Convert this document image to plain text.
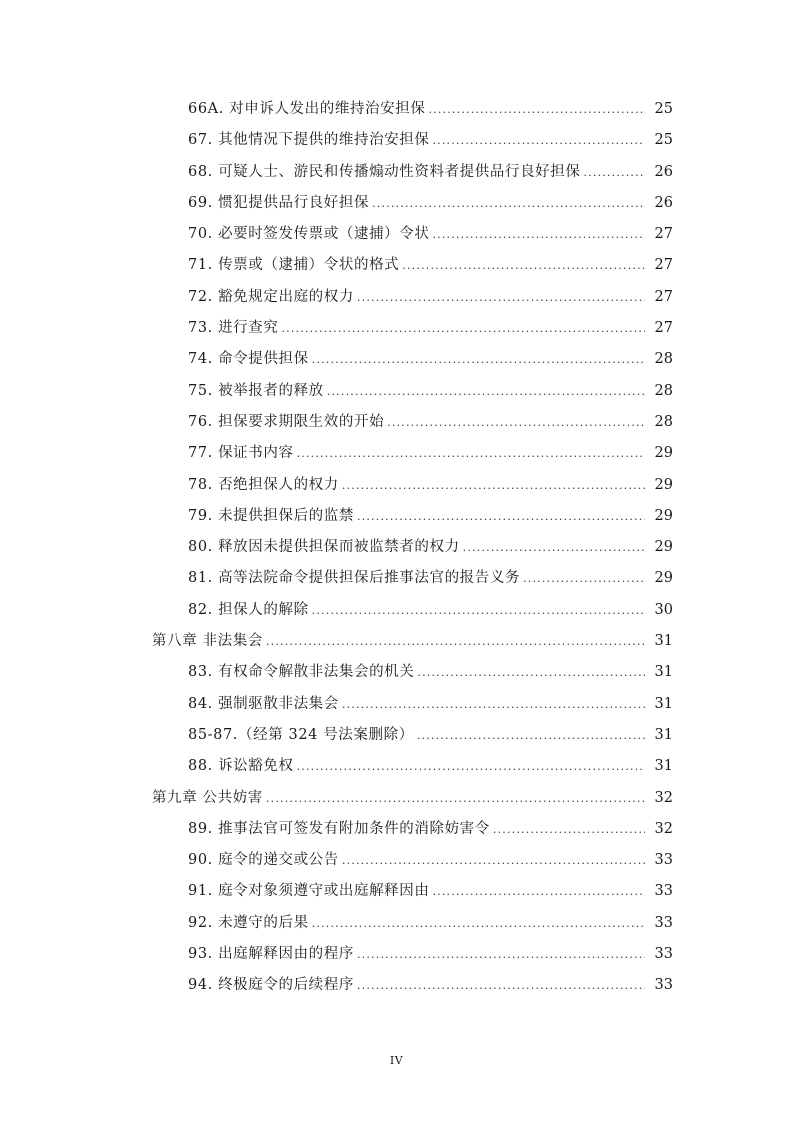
66A. 对申诉人发出的维持治安担保 .....	25
67. 其他情况下提供的维持治安担保 .....	25
68. 可疑人士、游民和传播煽动性资料者提供品行良好担保 .....	26
69. 惯犯提供品行良好担保 .....	26
70. 必要时签发传票或（逮捕）令状 .....	27
71. 传票或（逮捕）令状的格式 .....	27
72. 豁免规定出庭的权力 .....	27
73. 进行查究 .....	27
74. 命令提供担保 .....	28
75. 被举报者的释放 .....	28
76. 担保要求期限生效的开始 .....	28
77. 保证书内容 .....	29
78. 否绝担保人的权力 .....	29
79. 未提供担保后的监禁 .....	29
80. 释放因未提供担保而被监禁者的权力 .....	29
81. 高等法院命令提供担保后推事法官的报告义务 .....	29
82. 担保人的解除 .....	30
第八章 非法集会 .....	31
83. 有权命令解散非法集会的机关 .....	31
84. 强制驱散非法集会 .....	31
85-87.（经第 324 号法案删除） .....	31
88. 诉讼豁免权 .....	31
第九章 公共妨害 .....	32
89. 推事法官可签发有附加条件的消除妨害令 .....	32
90. 庭令的递交或公告 .....	33
91. 庭令对象须遵守或出庭解释因由 .....	33
92. 未遵守的后果 .....	33
93. 出庭解释因由的程序 .....	33
94. 终极庭令的后续程序 .....	33
IV
